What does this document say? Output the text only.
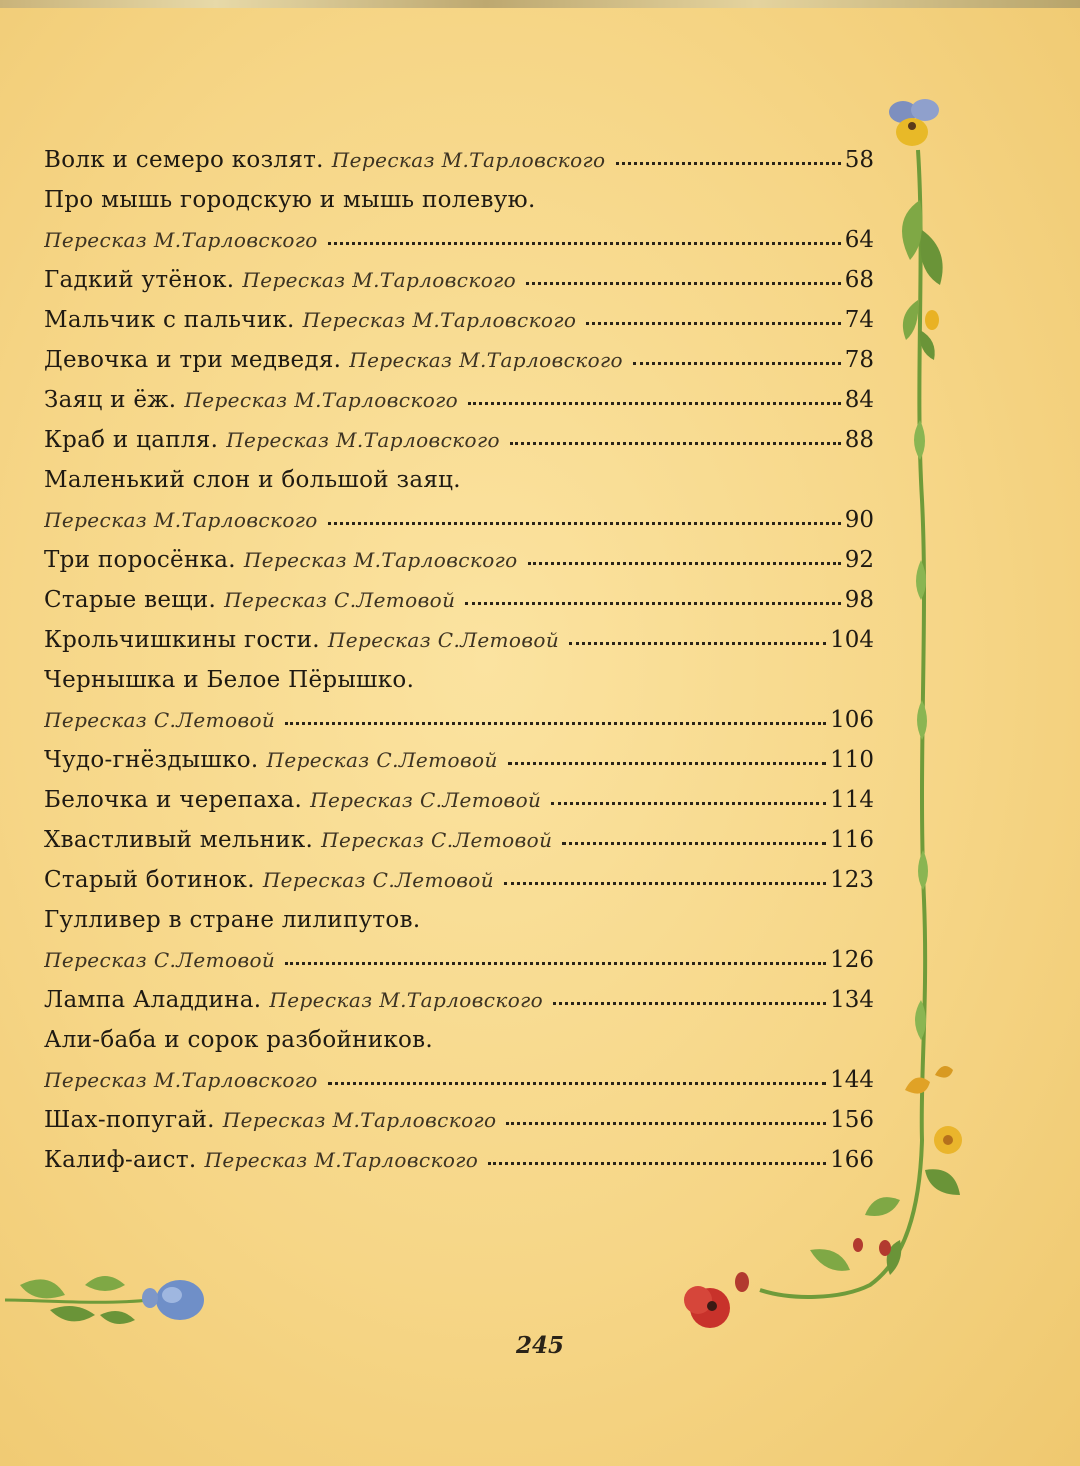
Волк и семеро козлят. Пересказ М.Тарловского	58
Про мышь городскую и мышь полевую.
Пересказ М.Тарловского	64
Гадкий утёнок. Пересказ М.Тарловского	68
Мальчик с пальчик. Пересказ М.Тарловского	74
Девочка и три медведя. Пересказ М.Тарловского	78
Заяц и ёж. Пересказ М.Тарловского	84
Краб и цапля. Пересказ М.Тарловского	88
Маленький слон и большой заяц.
Пересказ М.Тарловского	90
Три поросёнка. Пересказ М.Тарловского	92
Старые вещи. Пересказ С.Летовой	98
Крольчишкины гости. Пересказ С.Летовой	104
Чернышка и Белое Пёрышко.
Пересказ С.Летовой	106
Чудо-гнёздышко. Пересказ С.Летовой	110
Белочка и черепаха. Пересказ С.Летовой	114
Хвастливый мельник. Пересказ С.Летовой	116
Старый ботинок. Пересказ С.Летовой	123
Гулливер в стране лилипутов.
Пересказ С.Летовой	126
Лампа Аладдина. Пересказ М.Тарловского	134
Али-баба и сорок разбойников.
Пересказ М.Тарловского	144
Шах-попугай. Пересказ М.Тарловского	156
Калиф-аист. Пересказ М.Тарловского	166
245
